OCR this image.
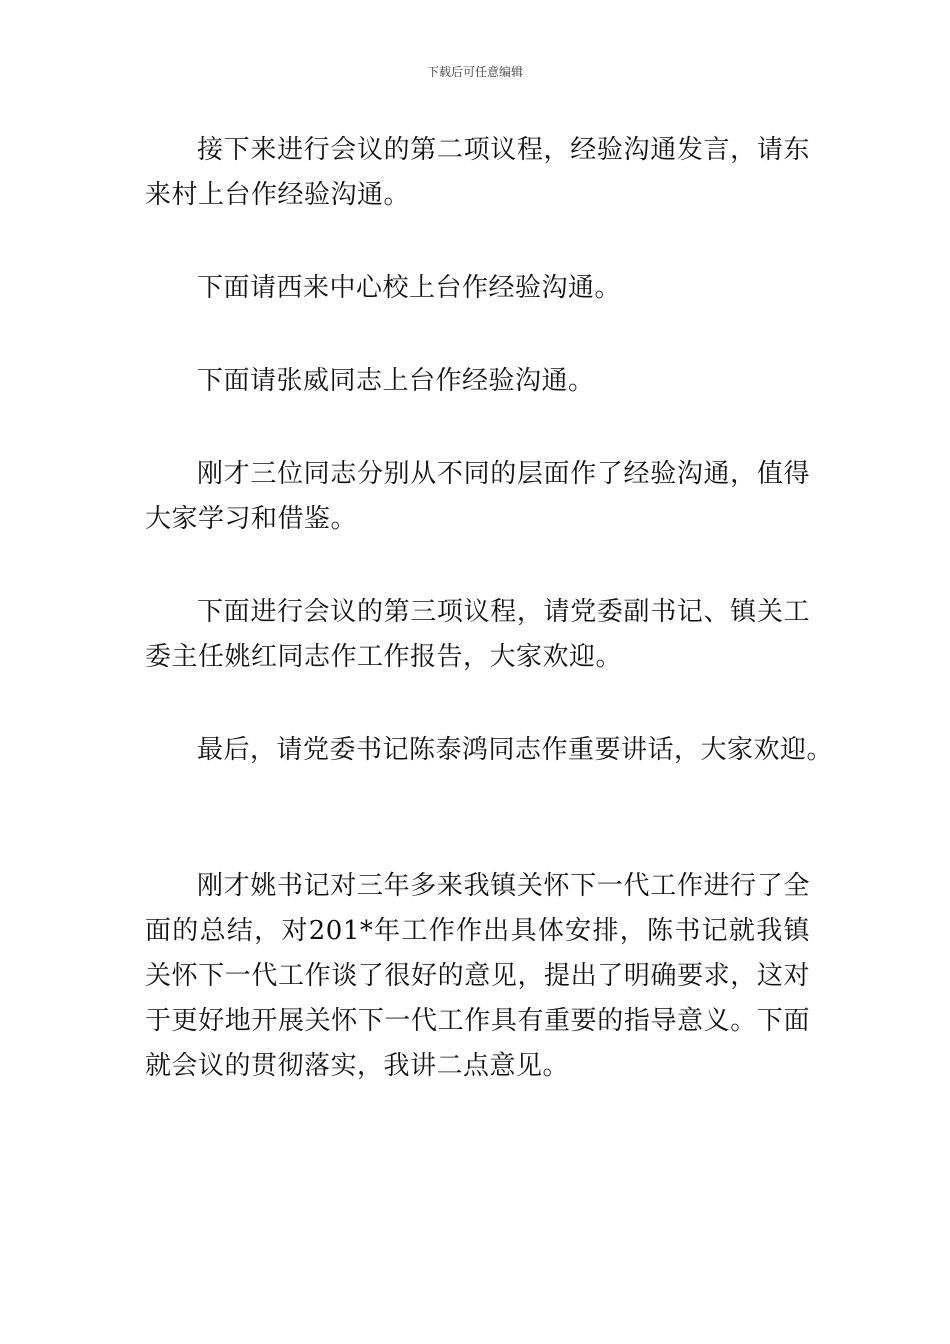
下载后可任意编辑

接下来进行会议的第二项议程，经验沟通发言，请东来村上台作经验沟通。

下面请西来中心校上台作经验沟通。

下面请张威同志上台作经验沟通。

刚才三位同志分别从不同的层面作了经验沟通，值得大家学习和借鉴。

下面进行会议的第三项议程，请党委副书记、镇关工委主任姚红同志作工作报告，大家欢迎。

最后，请党委书记陈泰鸿同志作重要讲话，大家欢迎。

刚才姚书记对三年多来我镇关怀下一代工作进行了全面的总结，对201*年工作作出具体安排，陈书记就我镇关怀下一代工作谈了很好的意见，提出了明确要求，这对于更好地开展关怀下一代工作具有重要的指导意义。下面就会议的贯彻落实，我讲二点意见。
